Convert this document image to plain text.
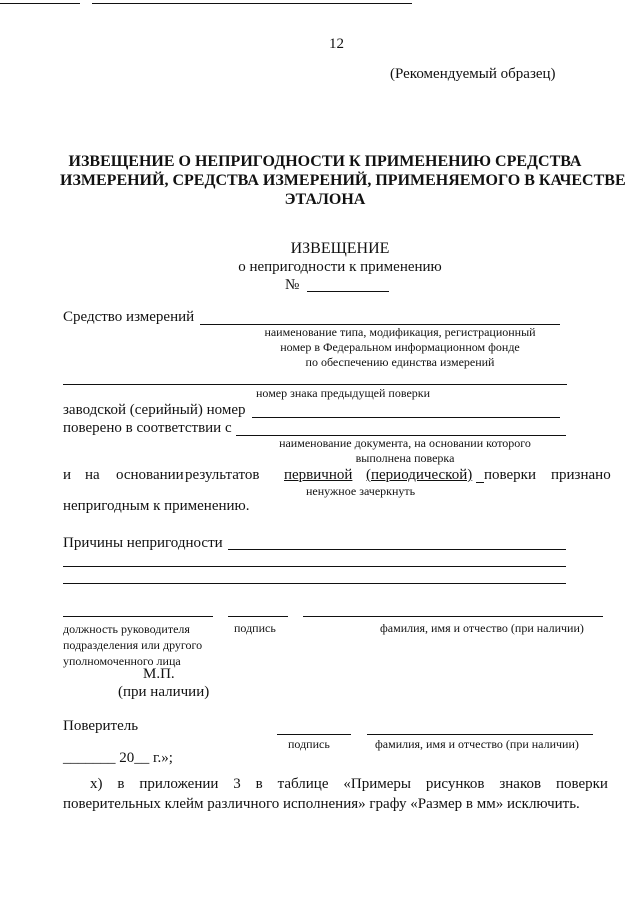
12
(Рекомендуемый образец)
ИЗВЕЩЕНИЕ О НЕПРИГОДНОСТИ К ПРИМЕНЕНИЮ СРЕДСТВА
ИЗМЕРЕНИЙ, СРЕДСТВА ИЗМЕРЕНИЙ, ПРИМЕНЯЕМОГО В КАЧЕСТВЕ
ЭТАЛОНА
ИЗВЕЩЕНИЕ
о непригодности к применению
№
Средство измерений
наименование типа, модификация, регистрационный
номер в Федеральном информационном фонде
по обеспечению единства измерений
номер знака предыдущей поверки
заводской (серийный) номер
поверено в соответствии с
наименование документа, на основании которого
выполнена поверка
и на основании результатов первичной (периодической) поверки признано
ненужное зачеркнуть
непригодным к применению.
Причины непригодности
должность руководителя
подразделения или другого
уполномоченного лица
подпись	фамилия, имя и отчество (при наличии)
М.П.
(при наличии)
Поверитель
подпись	фамилия, имя и отчество (при наличии)
_______ 20__ г.»;
х) в приложении 3 в таблице «Примеры рисунков знаков поверки
поверительных клейм различного исполнения» графу «Размер в мм» исключить.
